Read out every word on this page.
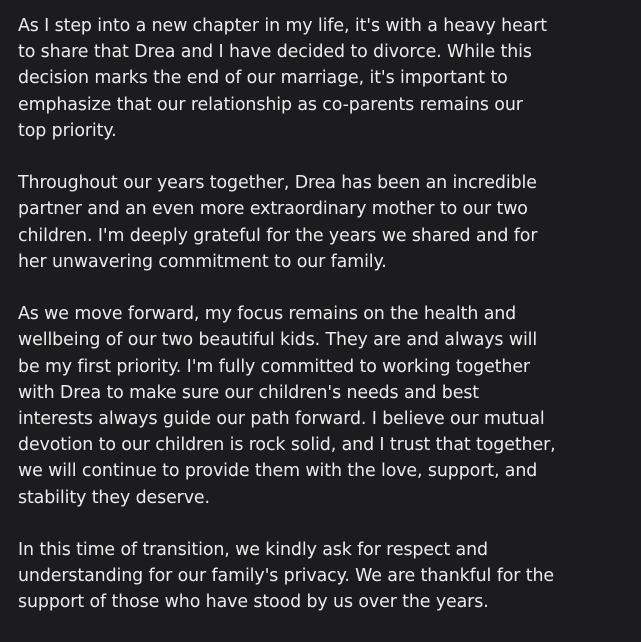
As I step into a new chapter in my life, it's with a heavy heart
to share that Drea and I have decided to divorce. While this
decision marks the end of our marriage, it's important to
emphasize that our relationship as co-parents remains our
top priority.

Throughout our years together, Drea has been an incredible
partner and an even more extraordinary mother to our two
children. I'm deeply grateful for the years we shared and for
her unwavering commitment to our family.

As we move forward, my focus remains on the health and
wellbeing of our two beautiful kids. They are and always will
be my first priority. I'm fully committed to working together
with Drea to make sure our children's needs and best
interests always guide our path forward. I believe our mutual
devotion to our children is rock solid, and I trust that together,
we will continue to provide them with the love, support, and
stability they deserve.

In this time of transition, we kindly ask for respect and
understanding for our family's privacy. We are thankful for the
support of those who have stood by us over the years.
